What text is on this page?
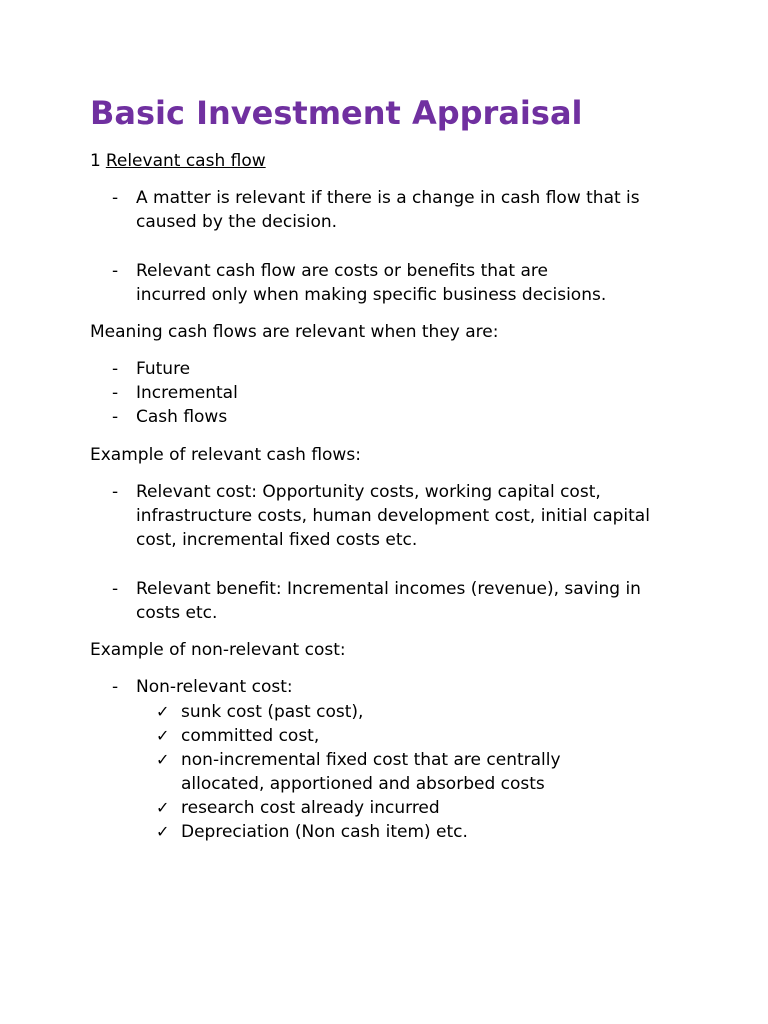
Basic Investment Appraisal

1 Relevant cash flow

- A matter is relevant if there is a change in cash flow that is
caused by the decision.
- Relevant cash flow are costs or benefits that are
incurred only when making specific business decisions.

Meaning cash flows are relevant when they are:

- Future
- Incremental
- Cash flows

Example of relevant cash flows:

- Relevant cost: Opportunity costs, working capital cost,
infrastructure costs, human development cost, initial capital
cost, incremental fixed costs etc.
- Relevant benefit: Incremental incomes (revenue), saving in
costs etc.

Example of non-relevant cost:

- Non-relevant cost:
✓ sunk cost (past cost),
✓ committed cost,
✓ non-incremental fixed cost that are centrally
allocated, apportioned and absorbed costs
✓ research cost already incurred
✓ Depreciation (Non cash item) etc.
